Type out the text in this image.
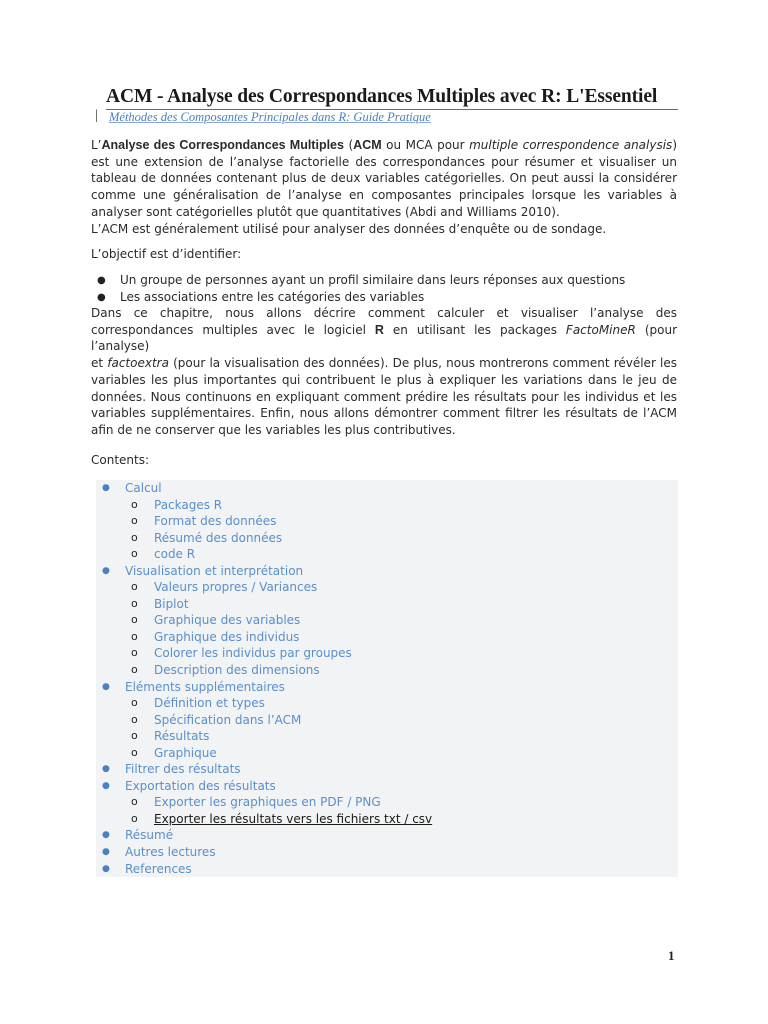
ACM - Analyse des Correspondances Multiples avec R: L'Essentiel
| Méthodes des Composantes Principales dans R: Guide Pratique
L’Analyse des Correspondances Multiples (ACM ou MCA pour multiple correspondence analysis)
est une extension de l’analyse factorielle des correspondances pour résumer et visualiser un
tableau de données contenant plus de deux variables catégorielles. On peut aussi la considérer
comme une généralisation de l’analyse en composantes principales lorsque les variables à
analyser sont catégorielles plutôt que quantitatives (Abdi and Williams 2010).
L’ACM est généralement utilisé pour analyser des données d’enquête ou de sondage.
L’objectif est d’identifier:
● Un groupe de personnes ayant un profil similaire dans leurs réponses aux questions
● Les associations entre les catégories des variables
Dans ce chapitre, nous allons décrire comment calculer et visualiser l’analyse des
correspondances multiples avec le logiciel R en utilisant les packages FactoMineR (pour l’analyse)
et factoextra (pour la visualisation des données). De plus, nous montrerons comment révéler les
variables les plus importantes qui contribuent le plus à expliquer les variations dans le jeu de
données. Nous continuons en expliquant comment prédire les résultats pour les individus et les
variables supplémentaires. Enfin, nous allons démontrer comment filtrer les résultats de l’ACM
afin de ne conserver que les variables les plus contributives.
Contents:
● Calcul
o Packages R
o Format des données
o Résumé des données
o code R
● Visualisation et interprétation
o Valeurs propres / Variances
o Biplot
o Graphique des variables
o Graphique des individus
o Colorer les individus par groupes
o Description des dimensions
● Eléments supplémentaires
o Définition et types
o Spécification dans l’ACM
o Résultats
o Graphique
● Filtrer des résultats
● Exportation des résultats
o Exporter les graphiques en PDF / PNG
o Exporter les résultats vers les fichiers txt / csv
● Résumé
● Autres lectures
● References
1
